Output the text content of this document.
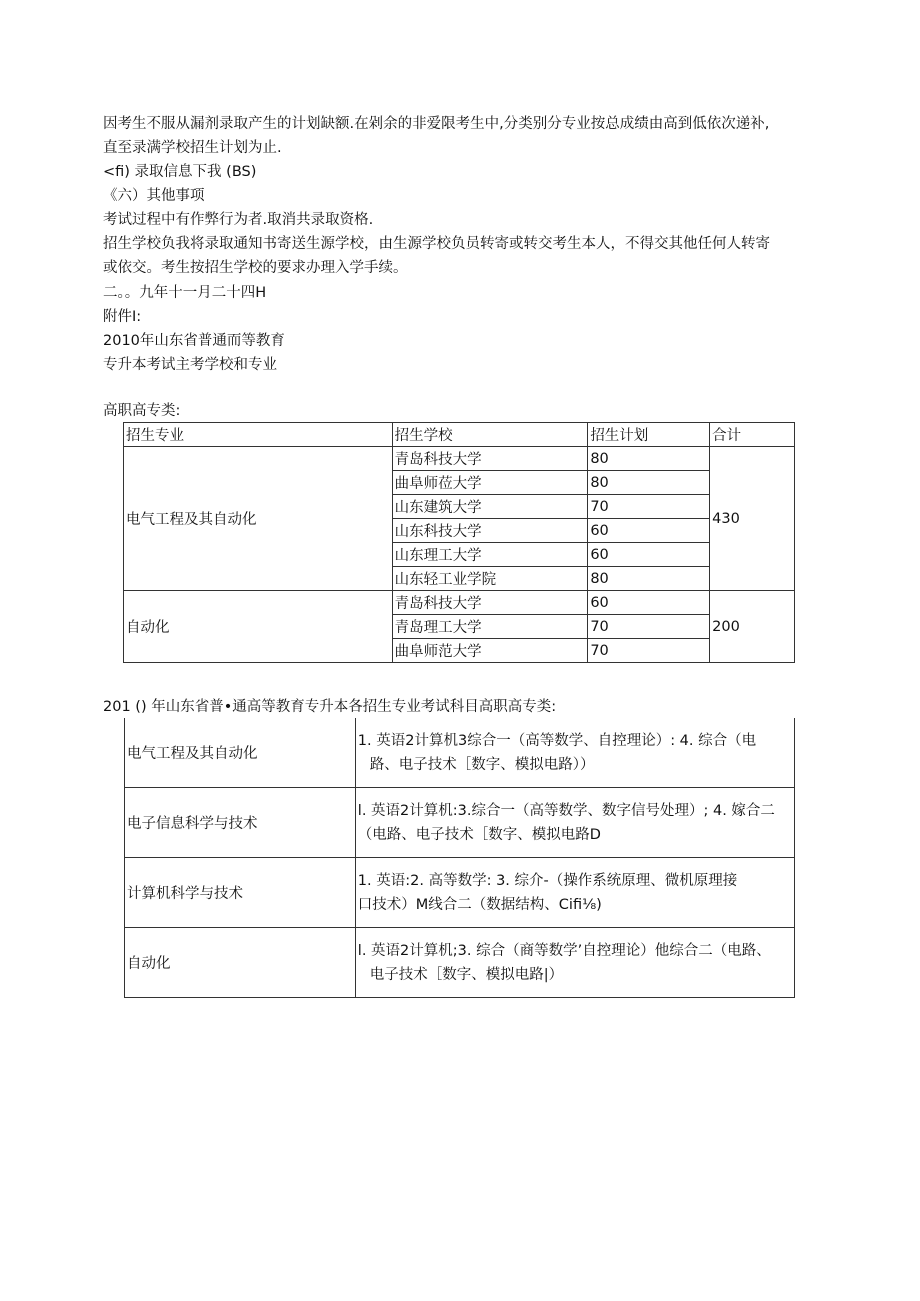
因考生不服从漏剂录取产生的计划缺额.在剁余的非爱限考生中,分类别分专业按总成绩由高到低依次递补,
直至录满学校招生计划为止.
<fi) 录取信息下我 (BS)
《六）其他事项
考试过程中有作弊行为者.取消共录取资格.
招生学校负我将录取通知书寄送生源学校，由生源学校负员转寄或转交考生本人，不得交其他任何人转寄
或依交。考生按招生学校的要求办理入学手续。
二。。九年十一月二十四H
附件I:
2010年山东省普通而等教育
专升本考试主考学校和专业
高职高专类:
招生专业	招生学校	招生计划	合计
电气工程及其自动化	青岛科技大学	80	430
	曲阜师莅大学	80	
	山东建筑大学	70	
	山东科技大学	60	
	山东理工大学	60	
	山东轻工业学院	80	
自动化	青岛科技大学	60	200
	青岛理工大学	70	
	曲阜师范大学	70	
201 () 年山东省普•通高等教育专升本各招生专业考试科目高职高专类:
电气工程及其自动化	1. 英语2计算机3综合一（高等数学、自控理论）: 4. 综合（电
路、电子技术［数字、模拟电路））

电子信息科学与技术	l. 英语2计算机:3.综合一（高等数学、数字信号处理）; 4. 嫁合二
（电路、电子技术［数字、模拟电路D

计算机科学与技术	1. 英语:2. 高等数学: 3. 综介-（操作系统原理、微机原理接
口技术）M线合二（数据结构、Cifi⅛)

自动化	l. 英语2计算机;3. 综合（商等数学’自控理论）他综合二（电路、
电子技术［数字、模拟电路|）
